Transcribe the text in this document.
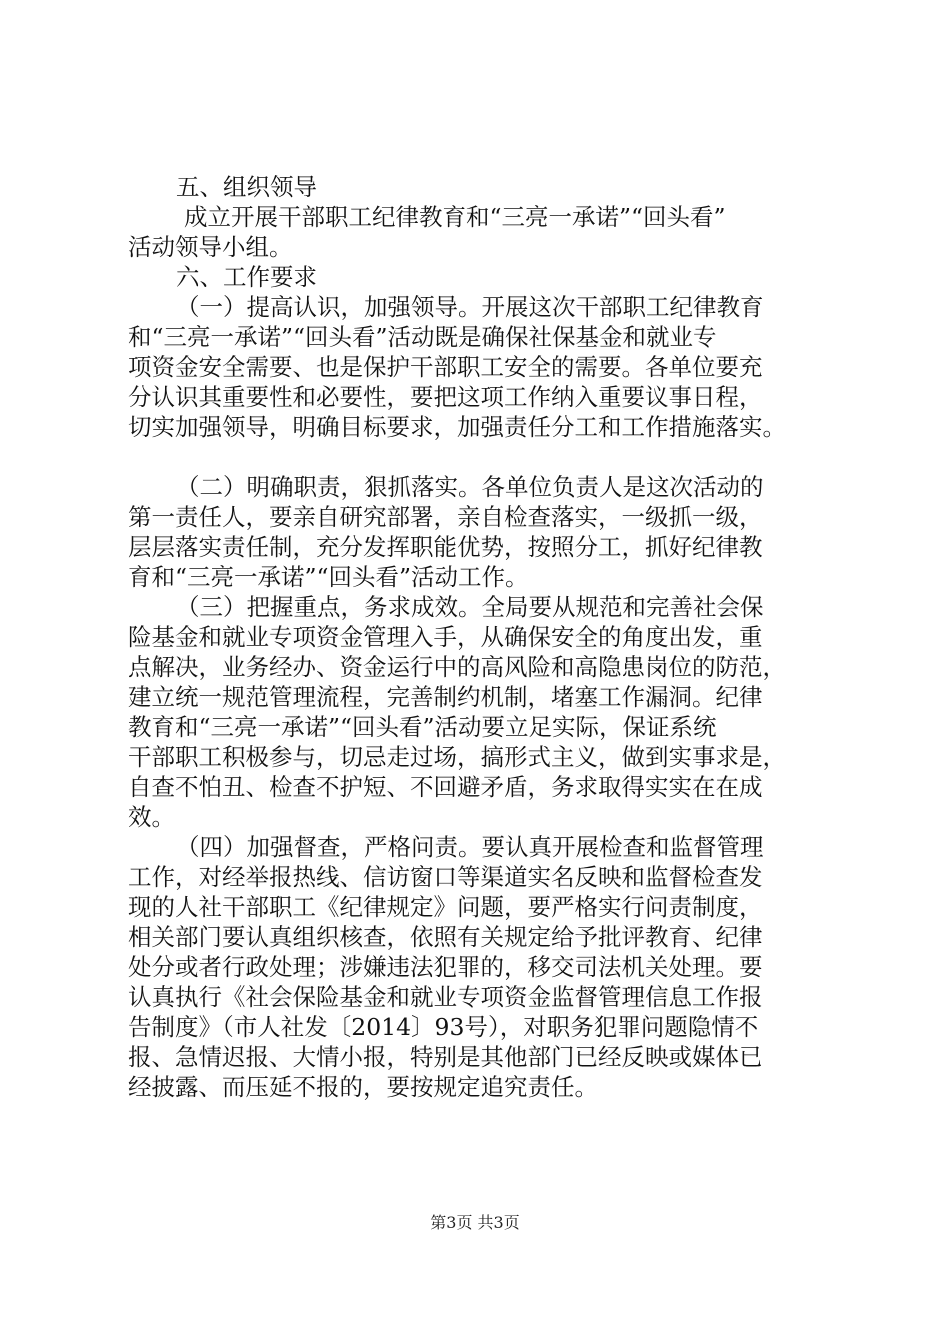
五、组织领导

成立开展干部职工纪律教育和“三亮一承诺”“回头看”

活动领导小组。

六、工作要求

（一）提高认识，加强领导。开展这次干部职工纪律教育

和“三亮一承诺”“回头看”活动既是确保社保基金和就业专

项资金安全需要、也是保护干部职工安全的需要。各单位要充

分认识其重要性和必要性，要把这项工作纳入重要议事日程，

切实加强领导，明确目标要求，加强责任分工和工作措施落实。

（二）明确职责，狠抓落实。各单位负责人是这次活动的

第一责任人，要亲自研究部署，亲自检查落实，一级抓一级，

层层落实责任制，充分发挥职能优势，按照分工，抓好纪律教

育和“三亮一承诺”“回头看”活动工作。

（三）把握重点，务求成效。全局要从规范和完善社会保

险基金和就业专项资金管理入手，从确保安全的角度出发，重

点解决，业务经办、资金运行中的高风险和高隐患岗位的防范，

建立统一规范管理流程，完善制约机制，堵塞工作漏洞。纪律

教育和“三亮一承诺”“回头看”活动要立足实际，保证系统

干部职工积极参与，切忌走过场，搞形式主义，做到实事求是，

自查不怕丑、检查不护短、不回避矛盾，务求取得实实在在成

效。

（四）加强督查，严格问责。要认真开展检查和监督管理

工作，对经举报热线、信访窗口等渠道实名反映和监督检查发

现的人社干部职工《纪律规定》问题，要严格实行问责制度，

相关部门要认真组织核查，依照有关规定给予批评教育、纪律

处分或者行政处理；涉嫌违法犯罪的，移交司法机关处理。要

认真执行《社会保险基金和就业专项资金监督管理信息工作报

告制度》（市人社发〔2014〕93号），对职务犯罪问题隐情不

报、急情迟报、大情小报，特别是其他部门已经反映或媒体已

经披露、而压延不报的，要按规定追究责任。

第3页 共3页
